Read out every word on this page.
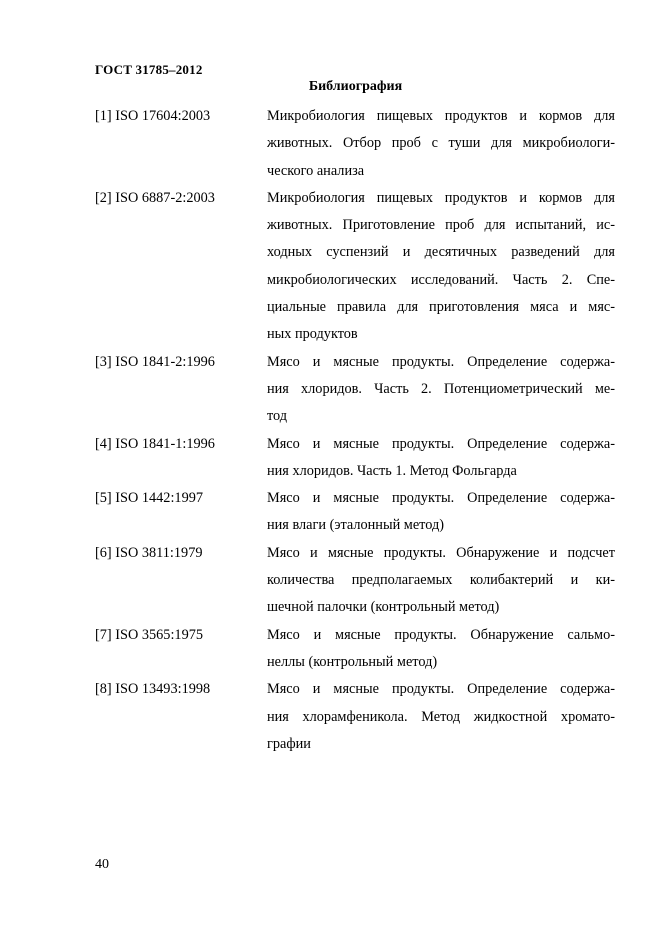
ГОСТ 31785–2012
Библиография
[1] ISO 17604:2003	Микробиология пищевых продуктов и кормов для
животных. Отбор проб с туши для микробиологи-
ческого анализа
[2] ISO 6887-2:2003	Микробиология пищевых продуктов и кормов для
животных. Приготовление проб для испытаний, ис-
ходных суспензий и десятичных разведений для
микробиологических исследований. Часть 2. Спе-
циальные правила для приготовления мяса и мяс-
ных продуктов
[3] ISO 1841-2:1996	Мясо и мясные продукты. Определение содержа-
ния хлоридов. Часть 2. Потенциометрический ме-
тод
[4] ISO 1841-1:1996	Мясо и мясные продукты. Определение содержа-
ния хлоридов. Часть 1. Метод Фольгарда
[5] ISO 1442:1997	Мясо и мясные продукты. Определение содержа-
ния влаги (эталонный метод)
[6] ISO 3811:1979	Мясо и мясные продукты. Обнаружение и подсчет
количества предполагаемых колибактерий и ки-
шечной палочки (контрольный метод)
[7] ISO 3565:1975	Мясо и мясные продукты. Обнаружение сальмо-
неллы (контрольный метод)
[8] ISO 13493:1998	Мясо и мясные продукты. Определение содержа-
ния хлорамфеникола. Метод жидкостной хромато-
графии
40
